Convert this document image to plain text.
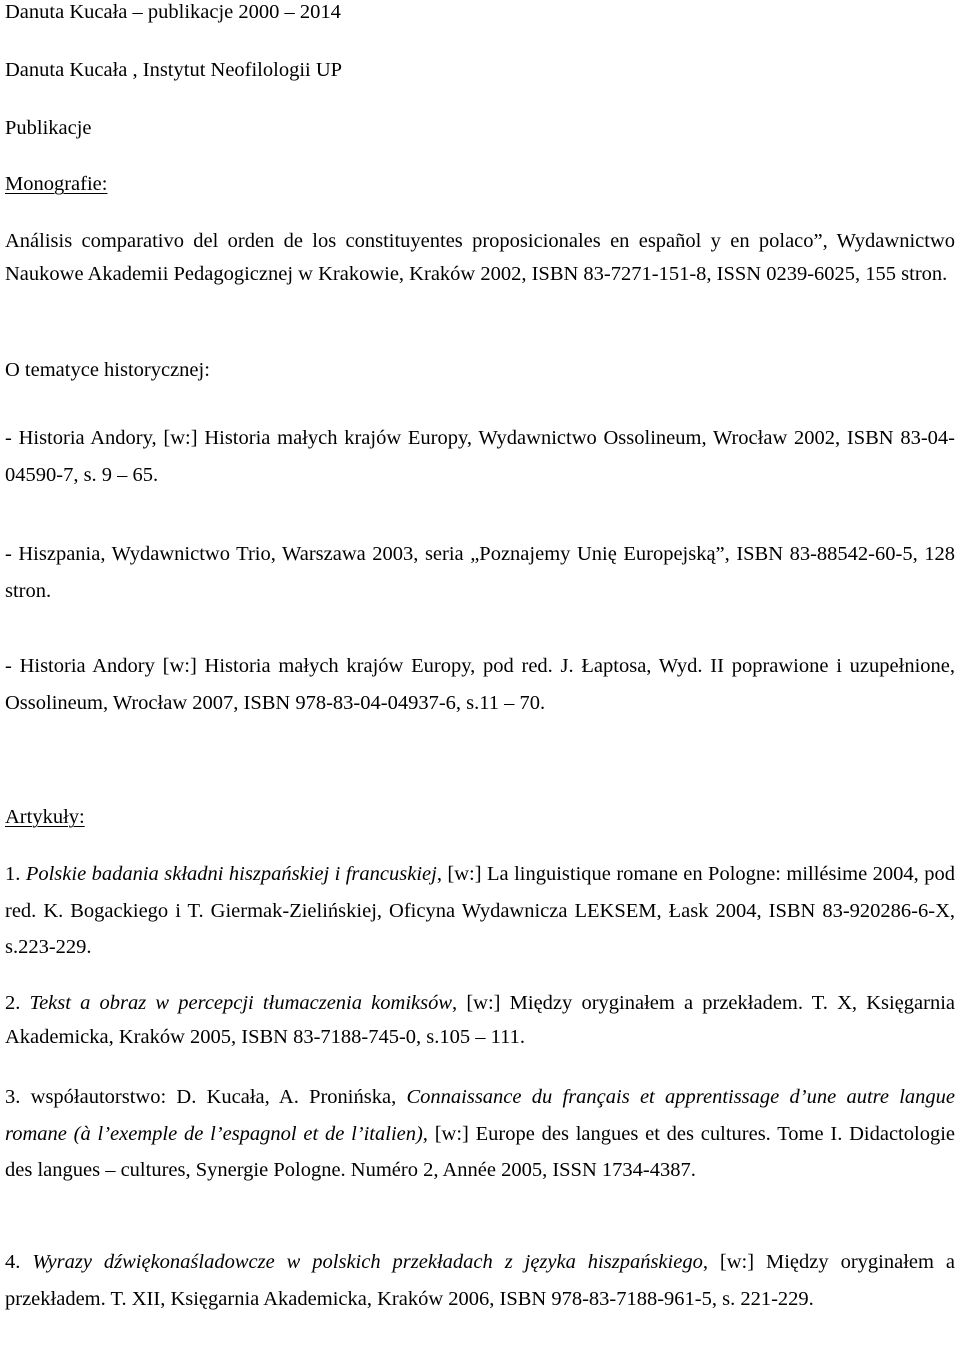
Danuta Kucała – publikacje 2000 – 2014
Danuta Kucała , Instytut Neofilologii UP
Publikacje
Monografie:
Análisis comparativo del orden de los constituyentes proposicionales en español y en polaco”, Wydawnictwo Naukowe Akademii Pedagogicznej w Krakowie, Kraków 2002, ISBN 83-7271-151-8, ISSN 0239-6025, 155 stron.
O tematyce historycznej:
- Historia Andory, [w:] Historia małych krajów Europy, Wydawnictwo Ossolineum, Wrocław 2002, ISBN 83-04-04590-7, s. 9 – 65.
- Hiszpania, Wydawnictwo Trio, Warszawa 2003, seria „Poznajemy Unię Europejską”, ISBN 83-88542-60-5, 128 stron.
- Historia Andory [w:] Historia małych krajów Europy, pod red. J. Łaptosa, Wyd. II poprawione i uzupełnione, Ossolineum, Wrocław 2007, ISBN 978-83-04-04937-6, s.11 – 70.
Artykuły:
1. Polskie badania składni hiszpańskiej i francuskiej, [w:] La linguistique romane en Pologne: millésime 2004, pod red. K. Bogackiego i T. Giermak-Zielińskiej, Oficyna Wydawnicza LEKSEM, Łask 2004, ISBN 83-920286-6-X, s.223-229.
2. Tekst a obraz w percepcji tłumaczenia komiksów, [w:] Między oryginałem a przekładem. T. X, Księgarnia Akademicka, Kraków 2005, ISBN 83-7188-745-0, s.105 – 111.
3. współautorstwo: D. Kucała, A. Pronińska, Connaissance du français et apprentissage d’une autre langue romane (à l’exemple de l’espagnol et de l’italien), [w:] Europe des langues et des cultures. Tome I. Didactologie des langues – cultures, Synergie Pologne. Numéro 2, Année 2005, ISSN 1734-4387.
4. Wyrazy dźwiękonaśladowcze w polskich przekładach z języka hiszpańskiego, [w:] Między oryginałem a przekładem. T. XII, Księgarnia Akademicka, Kraków 2006, ISBN 978-83-7188-961-5, s. 221-229.
